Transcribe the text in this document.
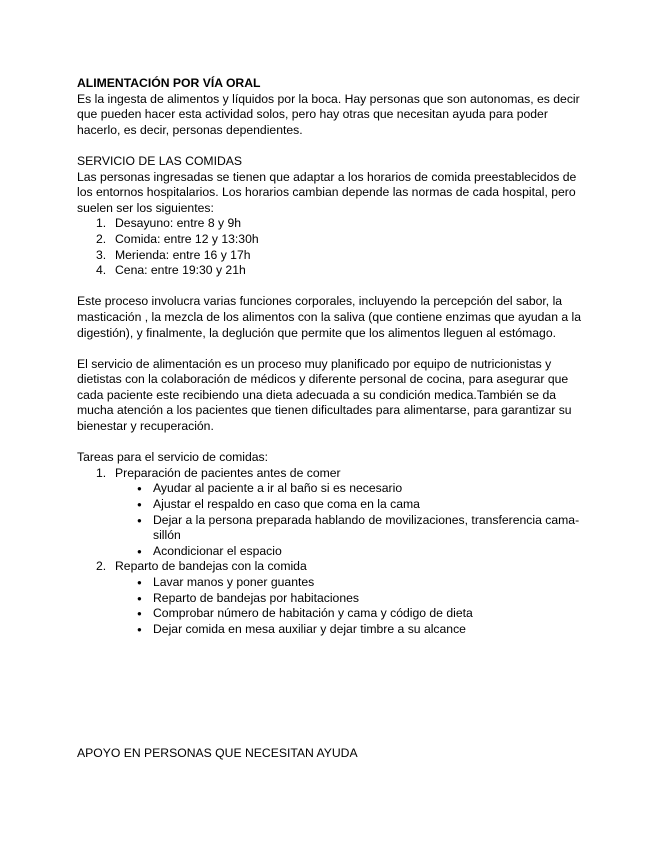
ALIMENTACIÓN POR VÍA ORAL

Es la ingesta de alimentos y líquidos por la boca. Hay personas que son autonomas, es decir que pueden hacer esta actividad solos, pero hay otras que necesitan ayuda para poder hacerlo, es decir, personas dependientes.

SERVICIO DE LAS COMIDAS

Las personas ingresadas se tienen que adaptar a los horarios de comida preestablecidos de los entornos hospitalarios. Los horarios cambian depende las normas de cada hospital, pero suelen ser los siguientes:

Desayuno: entre 8 y 9h
Comida: entre 12 y 13:30h
Merienda: entre 16 y 17h
Cena: entre 19:30 y 21h

Este proceso involucra varias funciones corporales, incluyendo la percepción del sabor, la masticación , la mezcla de los alimentos con la saliva (que contiene enzimas que ayudan a la digestión), y finalmente, la deglución que permite que los alimentos lleguen al estómago.

El servicio de alimentación es un proceso muy planificado por equipo de nutricionistas y dietistas con la colaboración de médicos y diferente personal de cocina, para asegurar que cada paciente este recibiendo una dieta adecuada a su condición medica.También se da mucha atención a los pacientes que tienen dificultades para alimentarse, para garantizar su bienestar y recuperación.

Tareas para el servicio de comidas:

Preparación de pacientes antes de comer
● Ayudar al paciente a ir al baño si es necesario
● Ajustar el respaldo en caso que coma en la cama
● Dejar a la persona preparada hablando de movilizaciones, transferencia cama-sillón
● Acondicionar el espacio
Reparto de bandejas con la comida
● Lavar manos y poner guantes
● Reparto de bandejas por habitaciones
● Comprobar número de habitación y cama y código de dieta
● Dejar comida en mesa auxiliar y dejar timbre a su alcance

APOYO EN PERSONAS QUE NECESITAN AYUDA
